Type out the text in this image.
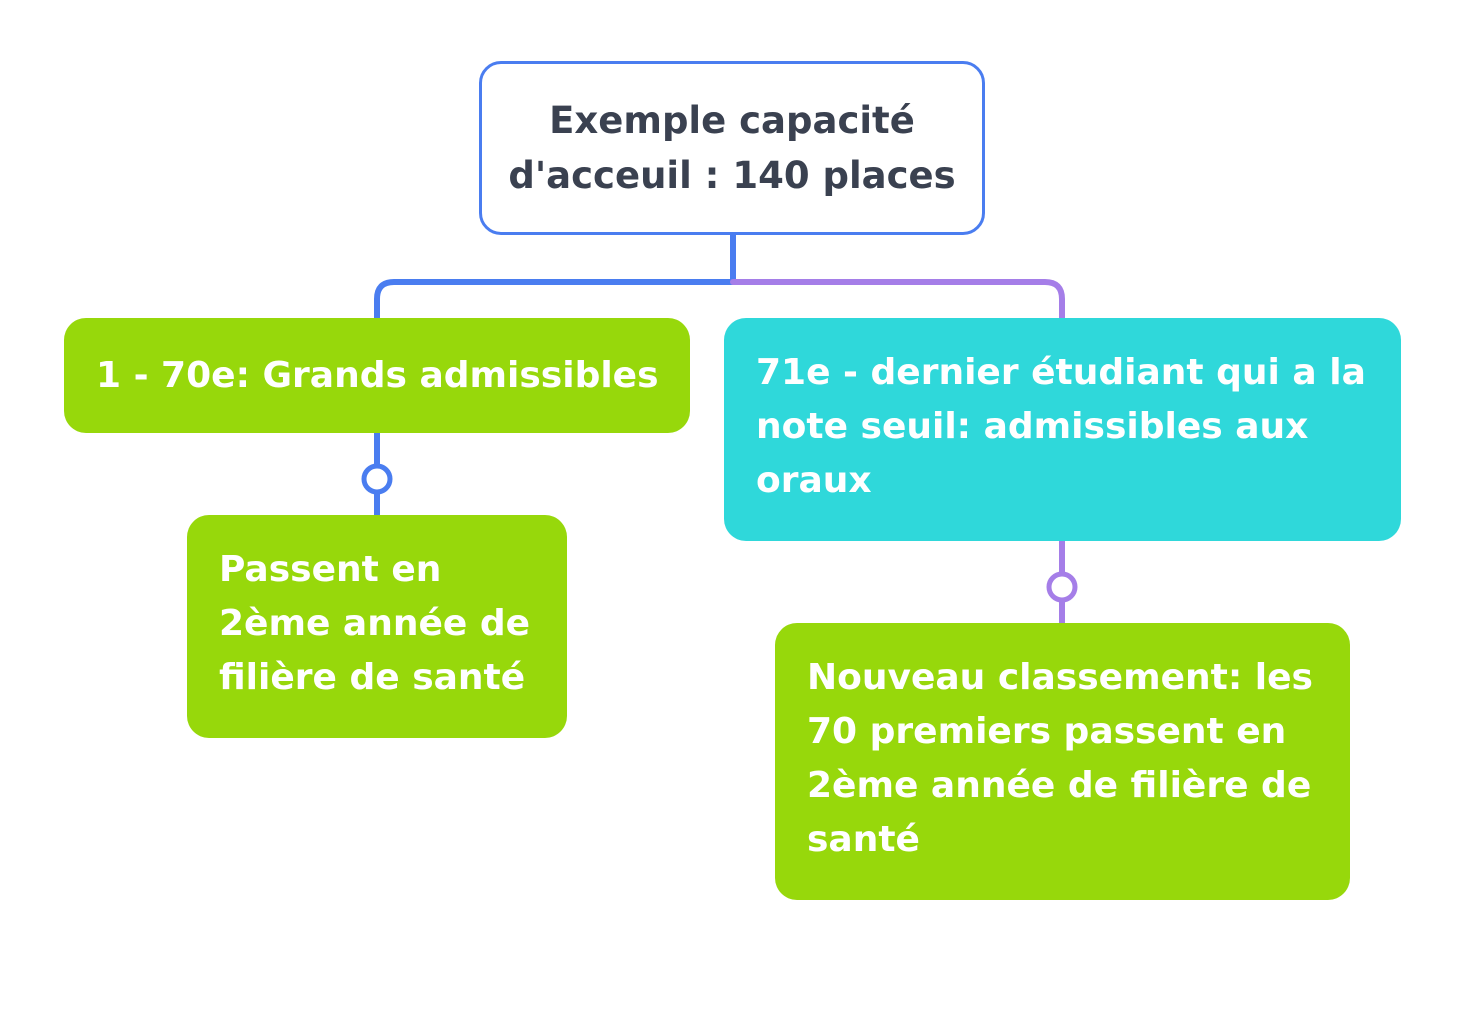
Exemple capacité
d'acceuil : 140 places
1 - 70e: Grands admissibles
Passent en
2ème année de
filière de santé
71e - dernier étudiant qui a la
note seuil: admissibles aux
oraux
Nouveau classement: les
70 premiers passent en
2ème année de filière de
santé
